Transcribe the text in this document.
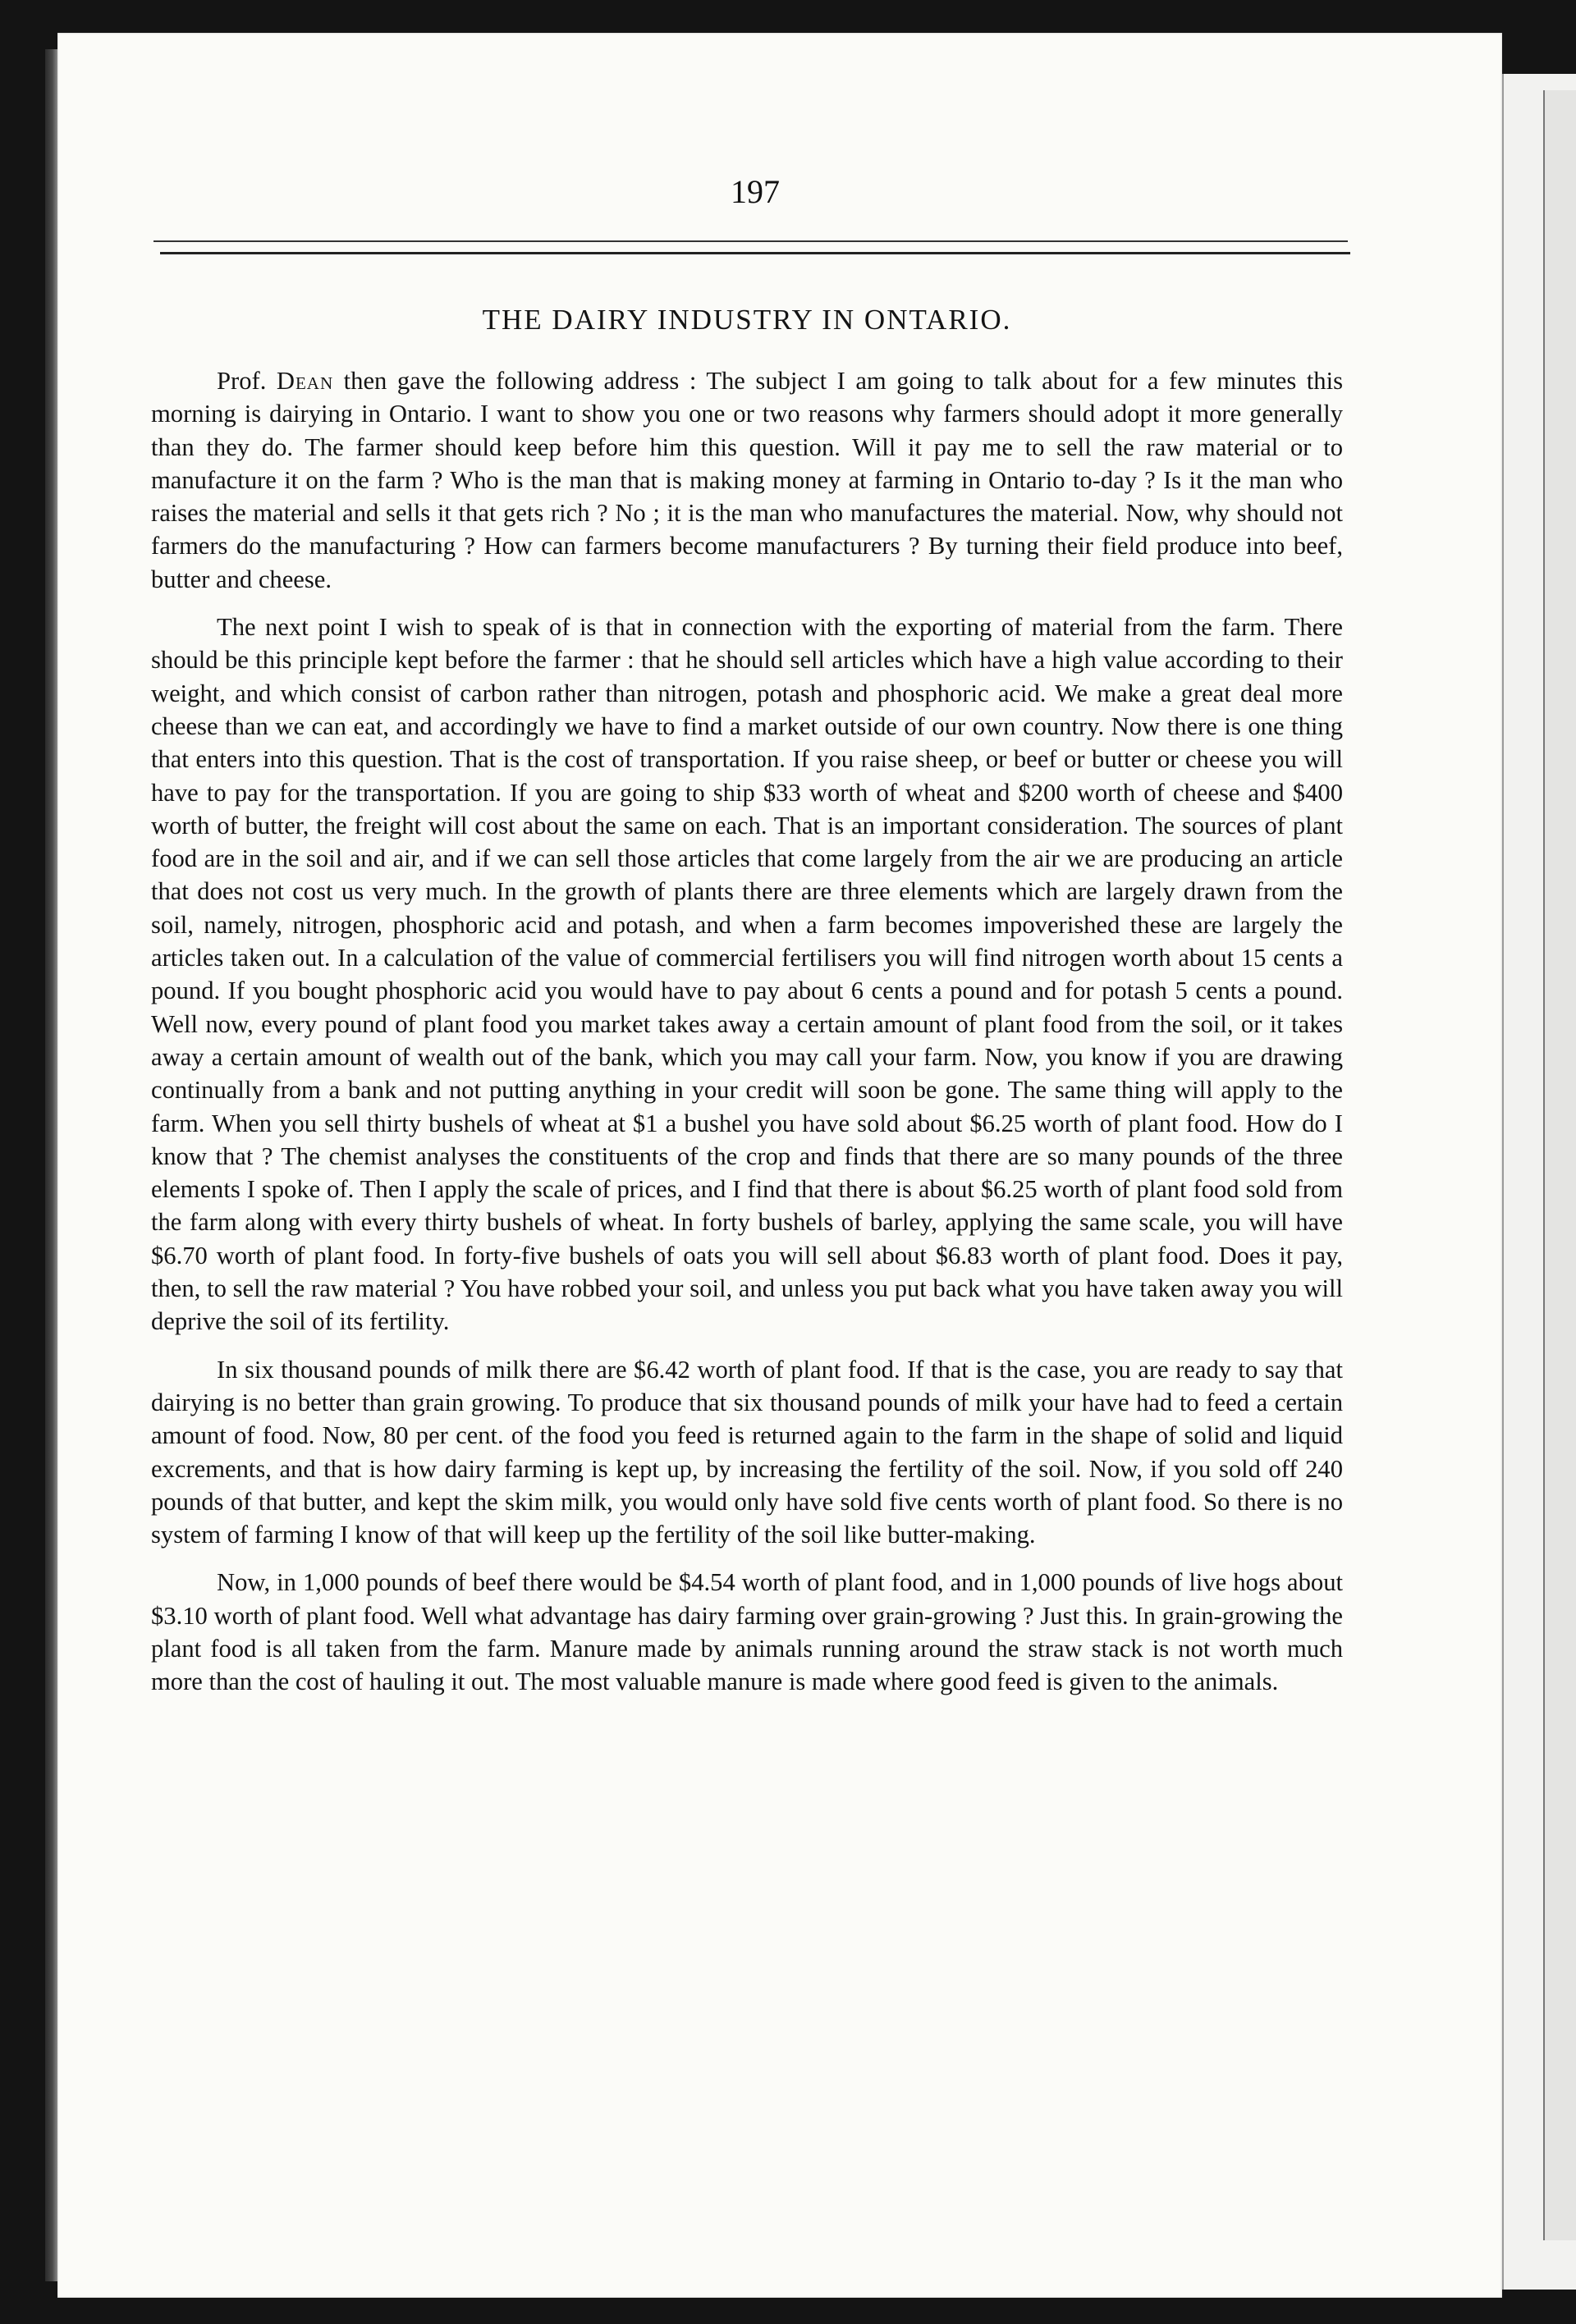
197
THE DAIRY INDUSTRY IN ONTARIO.

Prof. Dean then gave the following address : The subject I am going to talk about for a few minutes this morning is dairying in Ontario. I want to show you one or two reasons why farmers should adopt it more generally than they do. The farmer should keep before him this question. Will it pay me to sell the raw material or to manufacture it on the farm ? Who is the man that is making money at farming in Ontario to-day ? Is it the man who raises the material and sells it that gets rich ? No ; it is the man who manufactures the material. Now, why should not farmers do the manufacturing ? How can farmers become manufacturers ? By turning their field produce into beef, butter and cheese.

The next point I wish to speak of is that in connection with the exporting of material from the farm. There should be this principle kept before the farmer : that he should sell articles which have a high value according to their weight, and which consist of carbon rather than nitrogen, potash and phosphoric acid. We make a great deal more cheese than we can eat, and accordingly we have to find a market outside of our own country. Now there is one thing that enters into this question. That is the cost of transportation. If you raise sheep, or beef or butter or cheese you will have to pay for the transportation. If you are going to ship $33 worth of wheat and $200 worth of cheese and $400 worth of butter, the freight will cost about the same on each. That is an important consideration. The sources of plant food are in the soil and air, and if we can sell those articles that come largely from the air we are producing an article that does not cost us very much. In the growth of plants there are three elements which are largely drawn from the soil, namely, nitrogen, phosphoric acid and potash, and when a farm becomes impoverished these are largely the articles taken out. In a calculation of the value of commercial fertilisers you will find nitrogen worth about 15 cents a pound. If you bought phosphoric acid you would have to pay about 6 cents a pound and for potash 5 cents a pound. Well now, every pound of plant food you market takes away a certain amount of plant food from the soil, or it takes away a certain amount of wealth out of the bank, which you may call your farm. Now, you know if you are drawing continually from a bank and not putting anything in your credit will soon be gone. The same thing will apply to the farm. When you sell thirty bushels of wheat at $1 a bushel you have sold about $6.25 worth of plant food. How do I know that ? The chemist analyses the constituents of the crop and finds that there are so many pounds of the three elements I spoke of. Then I apply the scale of prices, and I find that there is about $6.25 worth of plant food sold from the farm along with every thirty bushels of wheat. In forty bushels of barley, applying the same scale, you will have $6.70 worth of plant food. In forty-five bushels of oats you will sell about $6.83 worth of plant food. Does it pay, then, to sell the raw material ? You have robbed your soil, and unless you put back what you have taken away you will deprive the soil of its fertility.

In six thousand pounds of milk there are $6.42 worth of plant food. If that is the case, you are ready to say that dairying is no better than grain growing. To produce that six thousand pounds of milk your have had to feed a certain amount of food. Now, 80 per cent. of the food you feed is returned again to the farm in the shape of solid and liquid excrements, and that is how dairy farming is kept up, by increasing the fertility of the soil. Now, if you sold off 240 pounds of that butter, and kept the skim milk, you would only have sold five cents worth of plant food. So there is no system of farming I know of that will keep up the fertility of the soil like butter-making.

Now, in 1,000 pounds of beef there would be $4.54 worth of plant food, and in 1,000 pounds of live hogs about $3.10 worth of plant food. Well what advantage has dairy farming over grain-growing ? Just this. In grain-growing the plant food is all taken from the farm. Manure made by animals running around the straw stack is not worth much more than the cost of hauling it out. The most valuable manure is made where good feed is given to the animals.
